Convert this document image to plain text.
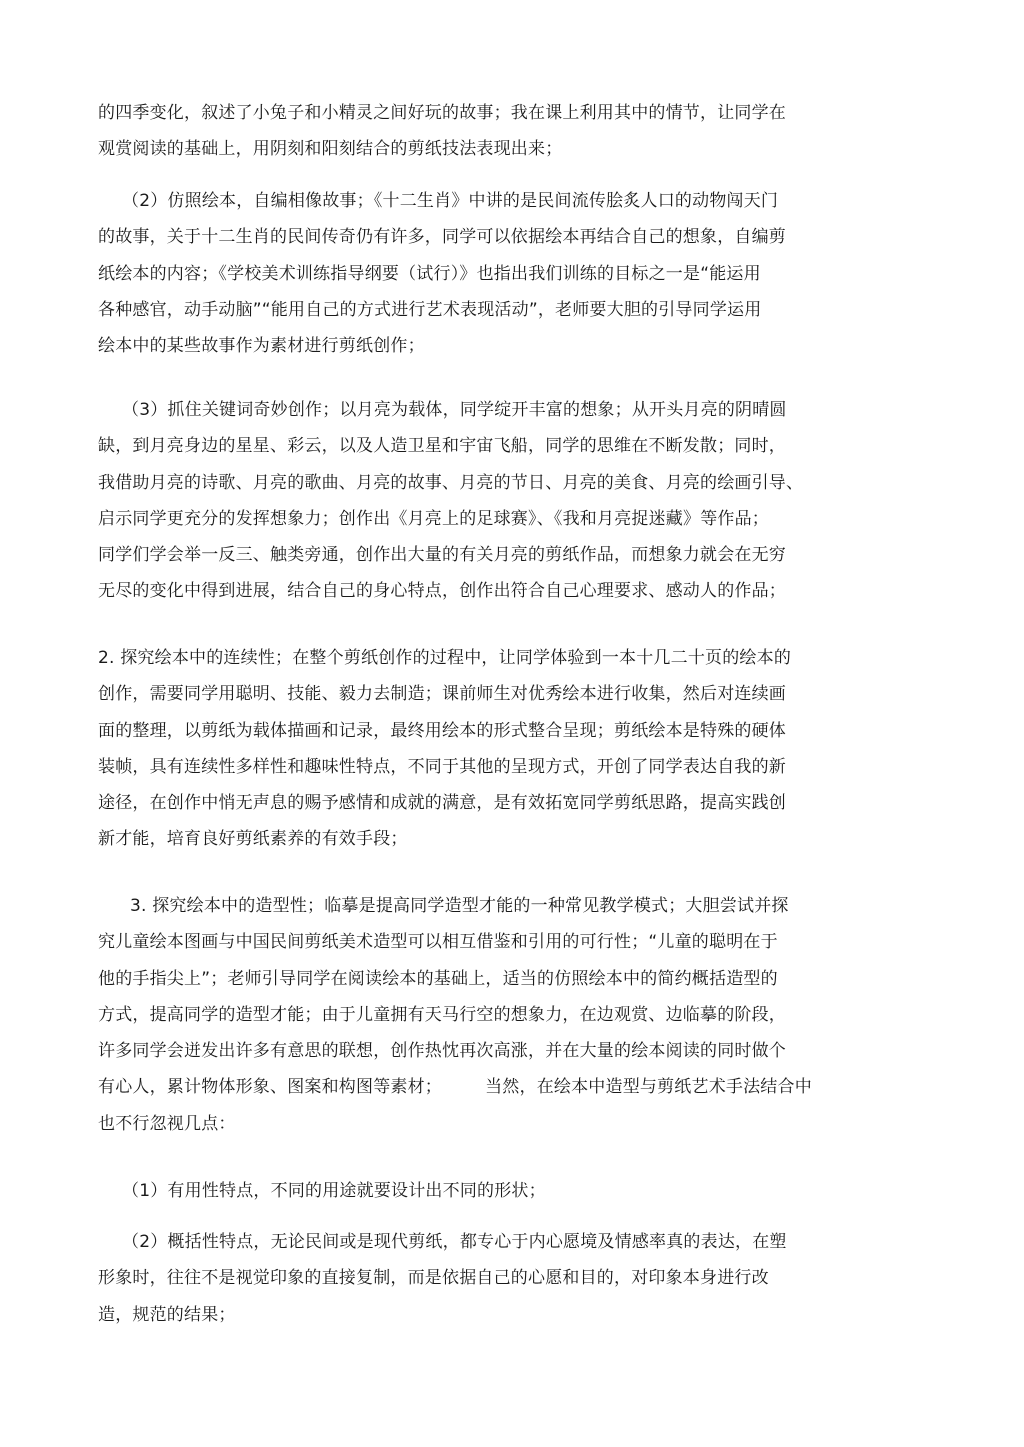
的四季变化，叙述了小兔子和小精灵之间好玩的故事；我在课上利用其中的情节，让同学在
观赏阅读的基础上，用阴刻和阳刻结合的剪纸技法表现出来；
（2）仿照绘本，自编相像故事；《十二生肖》中讲的是民间流传脍炙人口的动物闯天门
的故事，关于十二生肖的民间传奇仍有许多，同学可以依据绘本再结合自己的想象，自编剪
纸绘本的内容；《学校美术训练指导纲要（试行）》也指出我们训练的目标之一是“能运用
各种感官，动手动脑”“能用自己的方式进行艺术表现活动”，老师要大胆的引导同学运用
绘本中的某些故事作为素材进行剪纸创作；
（3）抓住关键词奇妙创作；以月亮为载体，同学绽开丰富的想象；从开头月亮的阴晴圆
缺，到月亮身边的星星、彩云，以及人造卫星和宇宙飞船，同学的思维在不断发散；同时，
我借助月亮的诗歌、月亮的歌曲、月亮的故事、月亮的节日、月亮的美食、月亮的绘画引导、
启示同学更充分的发挥想象力；创作出《月亮上的足球赛》、《我和月亮捉迷藏》等作品；
同学们学会举一反三、触类旁通，创作出大量的有关月亮的剪纸作品，而想象力就会在无穷
无尽的变化中得到进展，结合自己的身心特点，创作出符合自己心理要求、感动人的作品；
2. 探究绘本中的连续性；在整个剪纸创作的过程中，让同学体验到一本十几二十页的绘本的
创作，需要同学用聪明、技能、毅力去制造；课前师生对优秀绘本进行收集，然后对连续画
面的整理，以剪纸为载体描画和记录，最终用绘本的形式整合呈现；剪纸绘本是特殊的硬体
装帧，具有连续性多样性和趣味性特点，不同于其他的呈现方式，开创了同学表达自我的新
途径，在创作中悄无声息的赐予感情和成就的满意，是有效拓宽同学剪纸思路，提高实践创
新才能，培育良好剪纸素养的有效手段；
3. 探究绘本中的造型性；临摹是提高同学造型才能的一种常见教学模式；大胆尝试并探
究儿童绘本图画与中国民间剪纸美术造型可以相互借鉴和引用的可行性；“儿童的聪明在于
他的手指尖上”；老师引导同学在阅读绘本的基础上，适当的仿照绘本中的简约概括造型的
方式，提高同学的造型才能；由于儿童拥有天马行空的想象力，在边观赏、边临摹的阶段，
许多同学会迸发出许多有意思的联想，创作热忱再次高涨，并在大量的绘本阅读的同时做个
有心人，累计物体形象、图案和构图等素材；　　　当然，在绘本中造型与剪纸艺术手法结合中
也不行忽视几点：
（1）有用性特点，不同的用途就要设计出不同的形状；
（2）概括性特点，无论民间或是现代剪纸，都专心于内心愿境及情感率真的表达，在塑
形象时，往往不是视觉印象的直接复制，而是依据自己的心愿和目的，对印象本身进行改
造，规范的结果；
